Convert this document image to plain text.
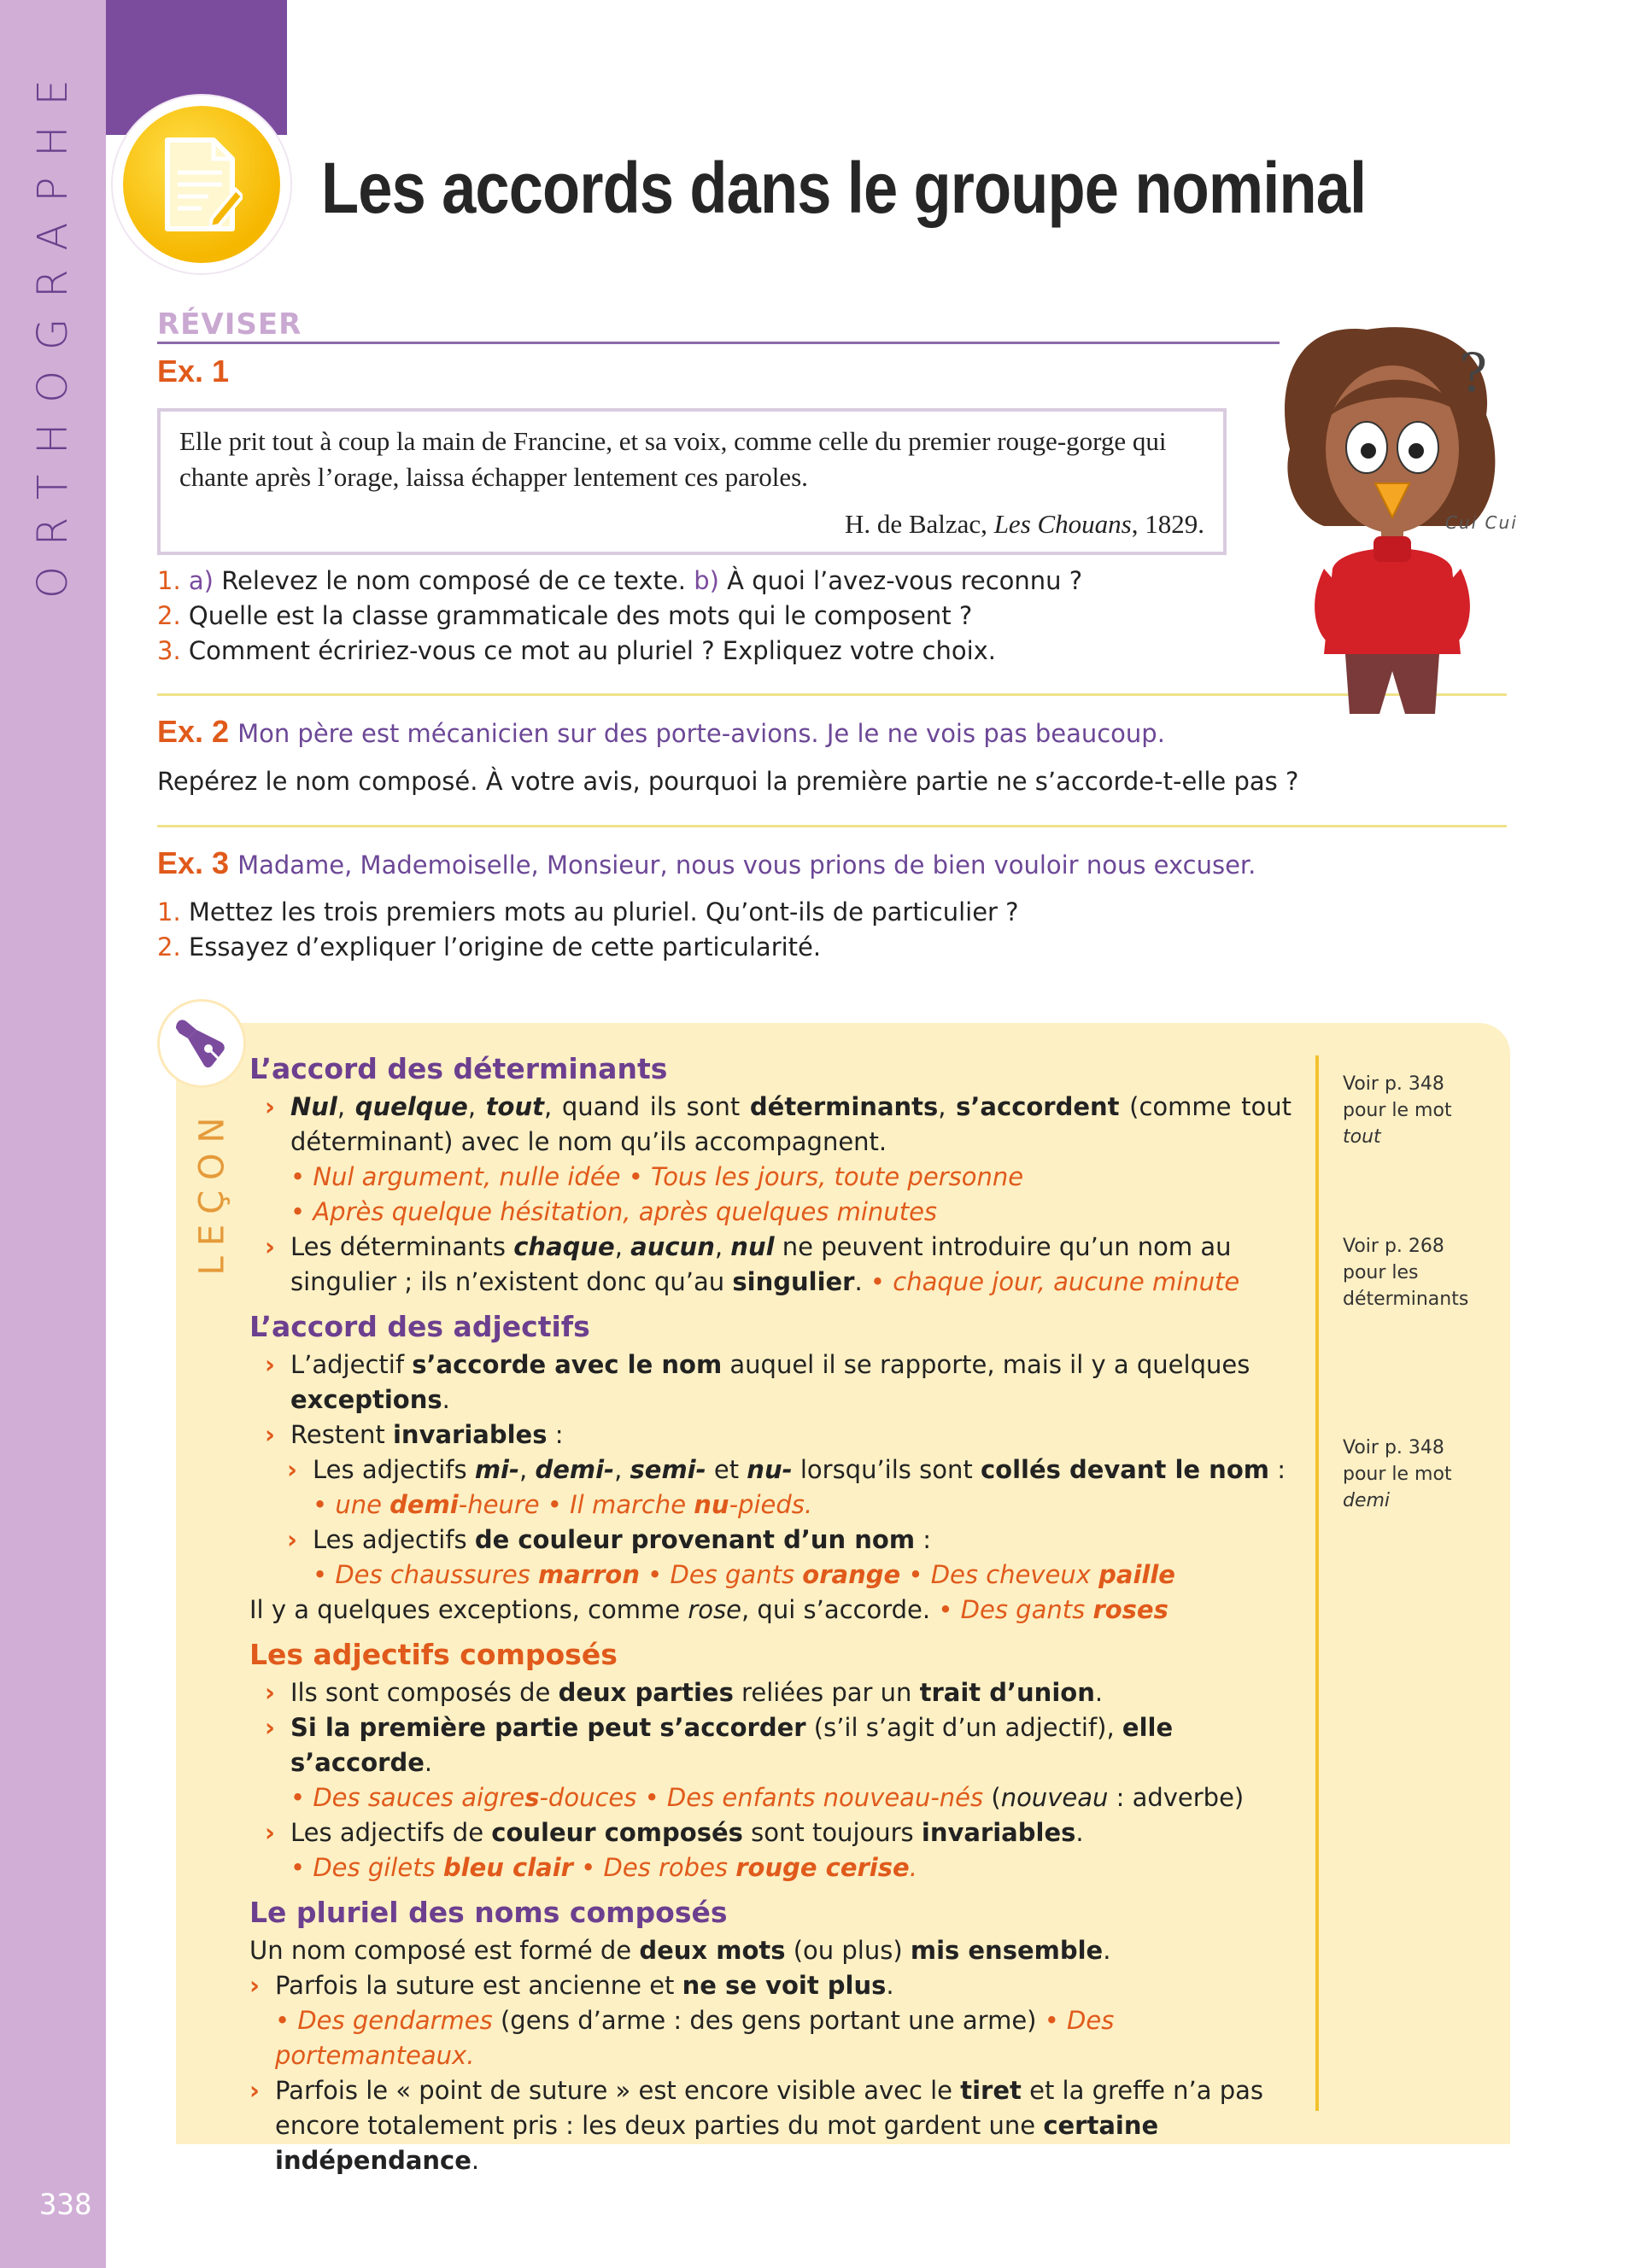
ORTHOGRAPHE
338
Les accords dans le groupe nominal
RÉVISER
Ex. 1
Elle prit tout à coup la main de Francine, et sa voix, comme celle du premier rouge-gorge qui chante après l’orage, laissa échapper lentement ces paroles.
H. de Balzac, Les Chouans, 1829.
1. a) Relevez le nom composé de ce texte. b) À quoi l’avez-vous reconnu ?
2. Quelle est la classe grammaticale des mots qui le composent ?
3. Comment écririez-vous ce mot au pluriel ? Expliquez votre choix.
?
Cui Cui
Ex. 2 Mon père est mécanicien sur des porte-avions. Je le ne vois pas beaucoup.
Repérez le nom composé. À votre avis, pourquoi la première partie ne s’accorde-t-elle pas ?
Ex. 3 Madame, Mademoiselle, Monsieur, nous vous prions de bien vouloir nous excuser.
1. Mettez les trois premiers mots au pluriel. Qu’ont-ils de particulier ?
2. Essayez d’expliquer l’origine de cette particularité.
LEÇON
L’accord des déterminants
› Nul, quelque, tout, quand ils sont déterminants, s’accordent (comme tout déterminant) avec le nom qu’ils accompagnent.
• Nul argument, nulle idée • Tous les jours, toute personne
• Après quelque hésitation, après quelques minutes
› Les déterminants chaque, aucun, nul ne peuvent introduire qu’un nom au singulier ; ils n’existent donc qu’au singulier. • chaque jour, aucune minute
L’accord des adjectifs
› L’adjectif s’accorde avec le nom auquel il se rapporte, mais il y a quelques exceptions.
› Restent invariables :
› Les adjectifs mi-, demi-, semi- et nu- lorsqu’ils sont collés devant le nom :
• une demi-heure • Il marche nu-pieds.
› Les adjectifs de couleur provenant d’un nom :
• Des chaussures marron • Des gants orange • Des cheveux paille
Il y a quelques exceptions, comme rose, qui s’accorde. • Des gants roses
Les adjectifs composés
› Ils sont composés de deux parties reliées par un trait d’union.
› Si la première partie peut s’accorder (s’il s’agit d’un adjectif), elle s’accorde.
• Des sauces aigres-douces • Des enfants nouveau-nés (nouveau : adverbe)
› Les adjectifs de couleur composés sont toujours invariables.
• Des gilets bleu clair • Des robes rouge cerise.
Le pluriel des noms composés
Un nom composé est formé de deux mots (ou plus) mis ensemble.
› Parfois la suture est ancienne et ne se voit plus.
• Des gendarmes (gens d’arme : des gens portant une arme) • Des portemanteaux.
› Parfois le « point de suture » est encore visible avec le tiret et la greffe n’a pas encore totalement pris : les deux parties du mot gardent une certaine indépendance.
Voir p. 348
pour le mot
tout
Voir p. 268
pour les
déterminants
Voir p. 348
pour le mot
demi
